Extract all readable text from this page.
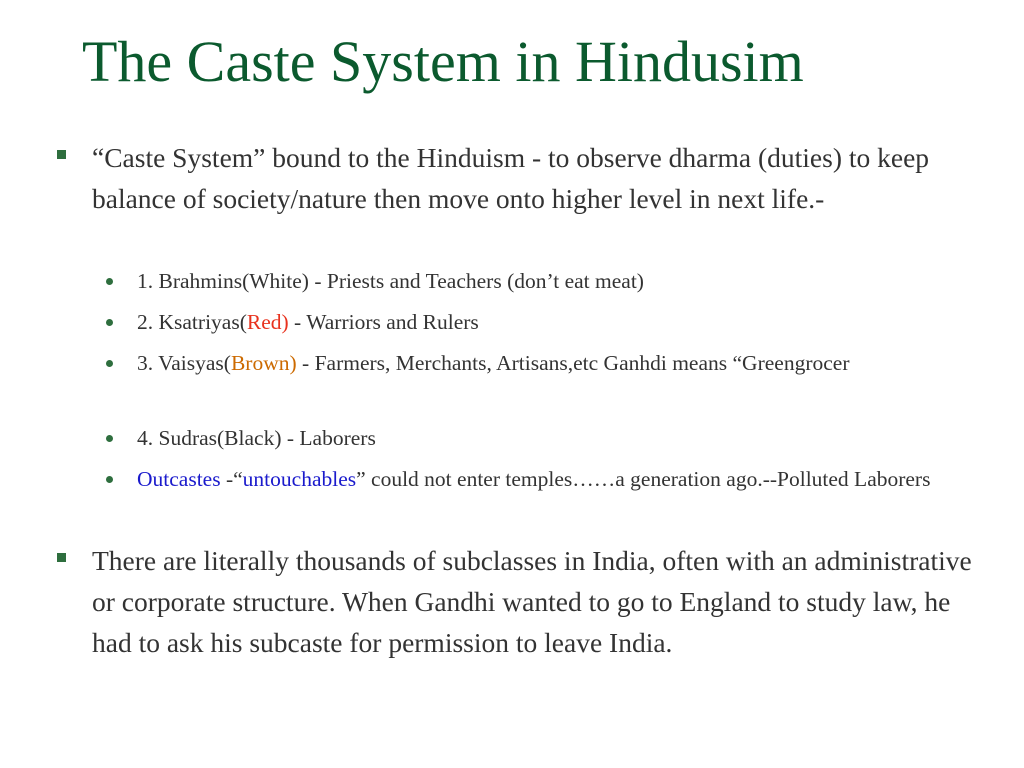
The Caste System in Hindusim
“Caste System” bound to the Hinduism - to observe dharma (duties) to keep balance of society/nature then move onto higher level in next life.-
1. Brahmins(White) - Priests and Teachers (don’t eat meat)
2. Ksatriyas(Red) - Warriors and Rulers
3. Vaisyas(Brown) - Farmers, Merchants, Artisans,etc Ganhdi means “Greengrocer
4. Sudras(Black) - Laborers
Outcastes -“untouchables” could not enter temples……a generation ago.--Polluted Laborers
There are literally thousands of subclasses in India, often with an administrative or corporate structure. When Gandhi wanted to go to England to study law, he had to ask his subcaste for permission to leave India.
